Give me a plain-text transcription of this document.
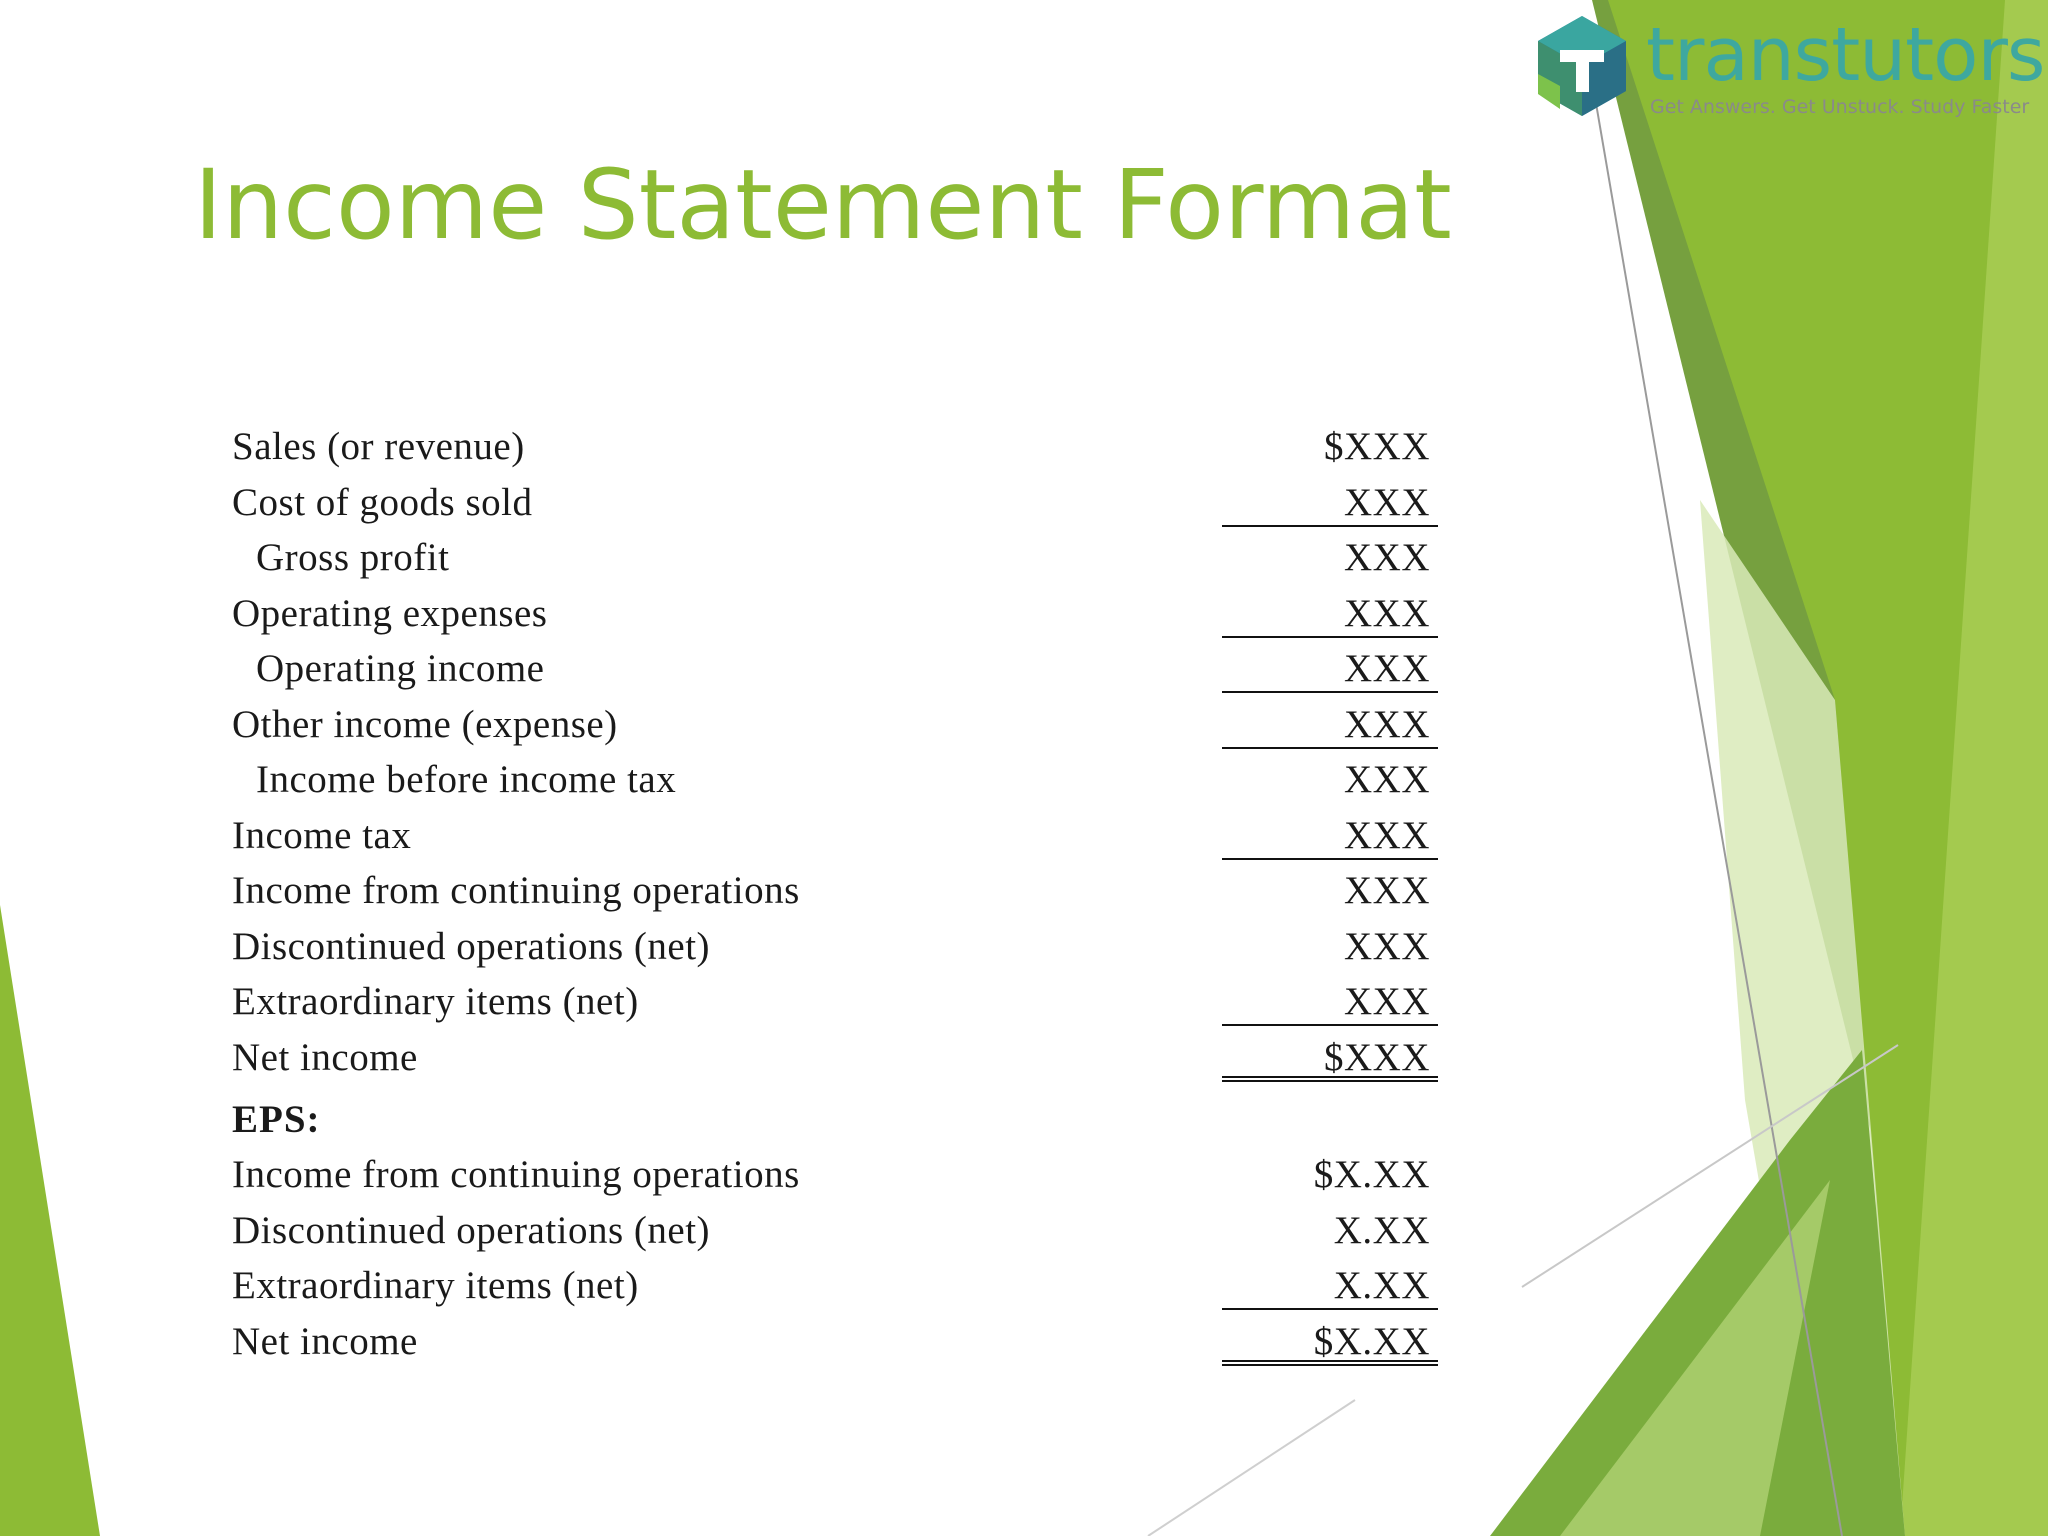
transtutors
Get Answers. Get Unstuck. Study Faster
Income Statement Format
Sales (or revenue)	$XXX
Cost of goods sold	XXX
Gross profit	XXX
Operating expenses	XXX
Operating income	XXX
Other income (expense)	XXX
Income before income tax	XXX
Income tax	XXX
Income from continuing operations	XXX
Discontinued operations (net)	XXX
Extraordinary items (net)	XXX
Net income	$XXX
EPS:
Income from continuing operations	$X.XX
Discontinued operations (net)	X.XX
Extraordinary items (net)	X.XX
Net income	$X.XX
